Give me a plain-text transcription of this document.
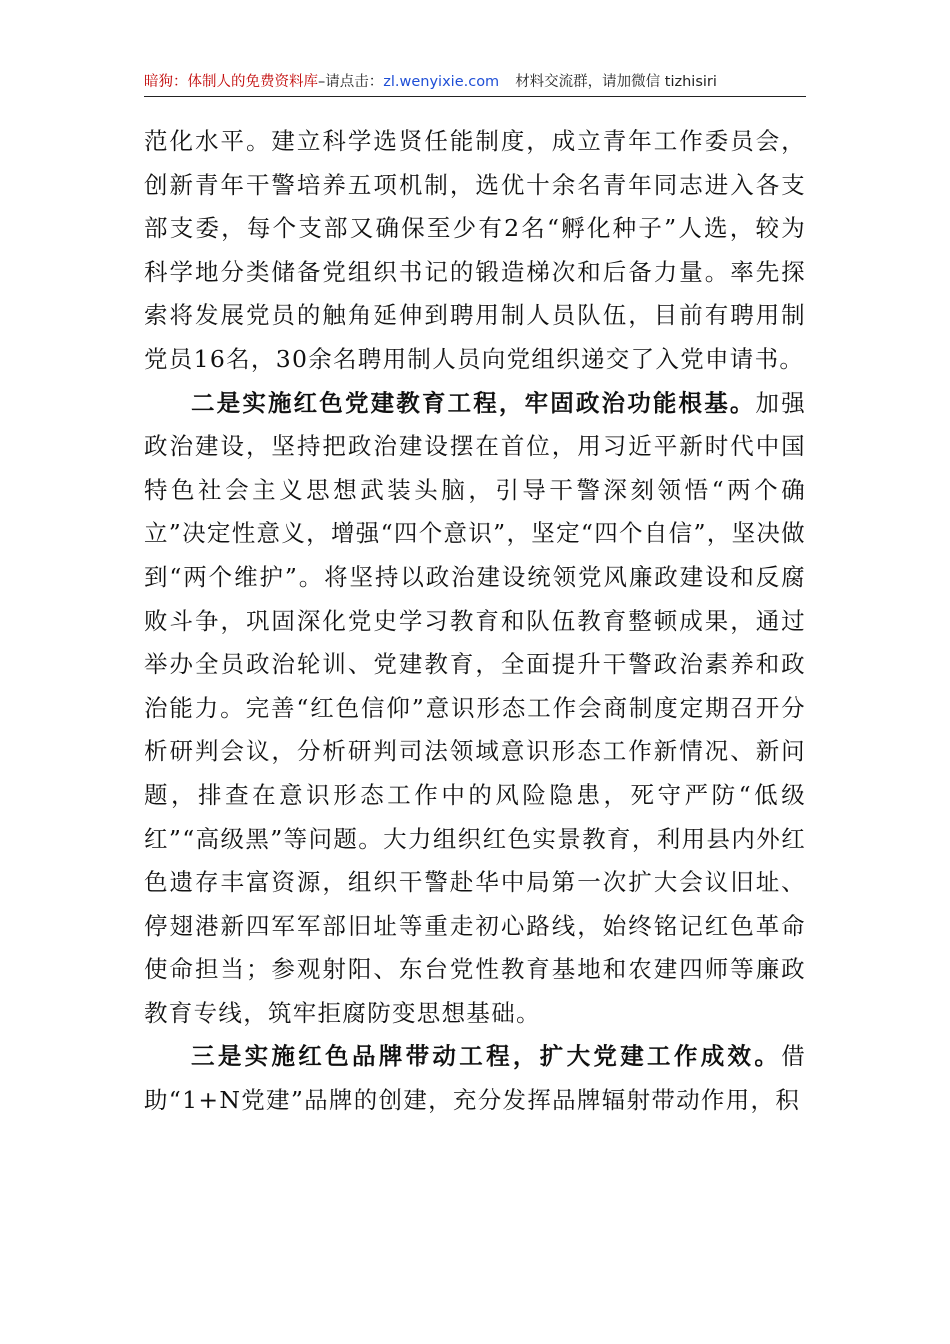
暗狗：体制人的免费资料库–请点击：zl.wenyixie.com 材料交流群，请加微信 tizhisiri

范化水平。建立科学选贤任能制度，成立青年工作委员会，创新青年干警培养五项机制，选优十余名青年同志进入各支部支委，每个支部又确保至少有2名“孵化种子”人选，较为科学地分类储备党组织书记的锻造梯次和后备力量。率先探索将发展党员的触角延伸到聘用制人员队伍，目前有聘用制党员16名，30余名聘用制人员向党组织递交了入党申请书。

二是实施红色党建教育工程，牢固政治功能根基。加强政治建设，坚持把政治建设摆在首位，用习近平新时代中国特色社会主义思想武装头脑，引导干警深刻领悟“两个确立”决定性意义，增强“四个意识”，坚定“四个自信”，坚决做到“两个维护”。将坚持以政治建设统领党风廉政建设和反腐败斗争，巩固深化党史学习教育和队伍教育整顿成果，通过举办全员政治轮训、党建教育，全面提升干警政治素养和政治能力。完善“红色信仰”意识形态工作会商制度定期召开分析研判会议，分析研判司法领域意识形态工作新情况、新问题，排查在意识形态工作中的风险隐患，死守严防“低级红”“高级黑”等问题。大力组织红色实景教育，利用县内外红色遗存丰富资源，组织干警赴华中局第一次扩大会议旧址、停翅港新四军军部旧址等重走初心路线，始终铭记红色革命使命担当；参观射阳、东台党性教育基地和农建四师等廉政教育专线，筑牢拒腐防变思想基础。

三是实施红色品牌带动工程，扩大党建工作成效。借助“1+N党建”品牌的创建，充分发挥品牌辐射带动作用，积
